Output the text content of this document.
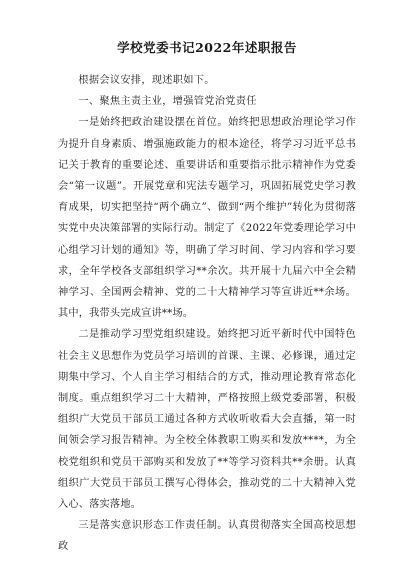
学校党委书记2022年述职报告

根据会议安排，现述职如下。

一、聚焦主责主业，增强管党治党责任

一是始终把政治建设摆在首位。始终把思想政治理论学习作为提升自身素质、增强施政能力的根本途径，将学习习近平总书记关于教育的重要论述、重要讲话和重要指示批示精神作为党委会“第一议题”。开展党章和宪法专题学习，巩固拓展党史学习教育成果，切实把坚持“两个确立”、做到“两个维护”转化为贯彻落实党中央决策部署的实际行动。制定了《2022年党委理论学习中心组学习计划的通知》等，明确了学习时间、学习内容和学习要求，全年学校各支部组织学习**余次。共开展十九届六中全会精神学习、全国两会精神、党的二十大精神学习等宣讲近**余场。其中，我带头完成宣讲**场。

二是推动学习型党组织建设。始终把习近平新时代中国特色社会主义思想作为党员学习培训的首课、主课、必修课，通过定期集中学习、个人自主学习相结合的方式，推动理论教育常态化制度。重点组织学习二十大精神，严格按照上级党委部署，积极组织广大党员干部员工通过各种方式收听收看大会直播，第一时间领会学习报告精神。为全校全体教职工购买和发放****，为全校党组织和党员干部购买和发放了**等学习资料共**余册。认真组织广大党员干部员工撰写心得体会，推动党的二十大精神入党入心、落实落地。

三是落实意识形态工作责任制。认真贯彻落实全国高校思想政
